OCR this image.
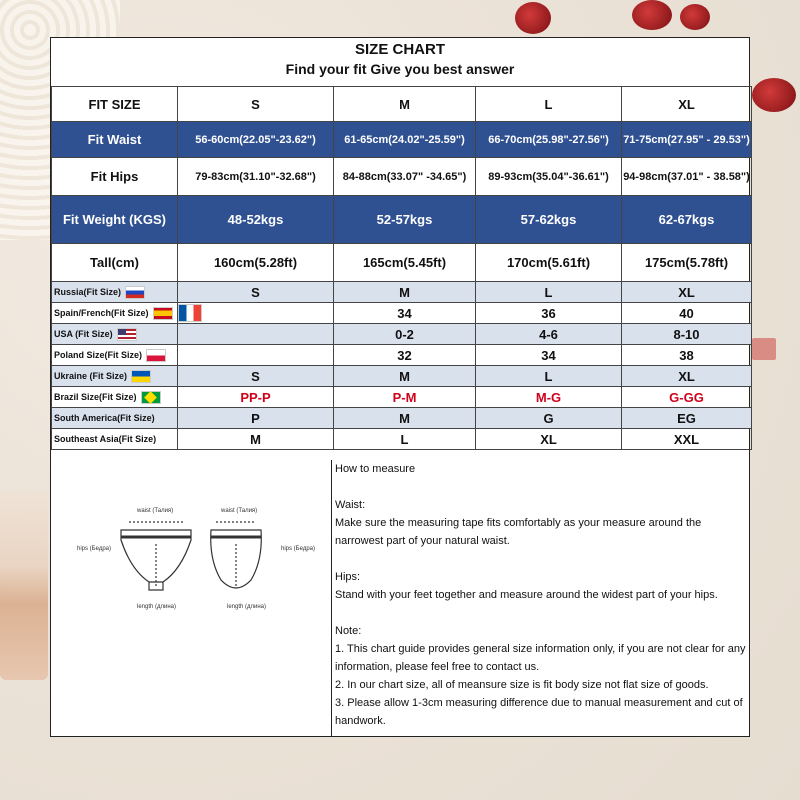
SIZE CHART
Find your fit Give you best answer
FIT SIZE	S	M	L	XL
Fit Waist	56-60cm(22.05"-23.62")	61-65cm(24.02"-25.59")	66-70cm(25.98"-27.56")	71-75cm(27.95" - 29.53")
Fit Hips	79-83cm(31.10"-32.68")	84-88cm(33.07" -34.65")	89-93cm(35.04"-36.61")	94-98cm(37.01" - 38.58")
Fit Weight (KGS)	48-52kgs	52-57kgs	57-62kgs	62-67kgs
Tall(cm)	160cm(5.28ft)	165cm(5.45ft)	170cm(5.61ft)	175cm(5.78ft)
Russia(Fit Size)	S	M	L	XL
Spain/French(Fit Size)		34	36	40
USA (Fit Size)		0-2	4-6	8-10
Poland Size(Fit Size)		32	34	38
Ukraine (Fit Size)	S	M	L	XL
Brazil Size(Fit Size)	PP-P	P-M	M-G	G-GG
South America(Fit Size)	P	M	G	EG
Southeast Asia(Fit Size)	M	L	XL	XXL
waist (Талия)
hips (Бедра)
length (длина)
waist (Талия)
hips (Бедра)
length (длина)

How to measure

Waist:

Make sure the measuring tape fits comfortably as your measure around the narrowest part of your natural waist.

Hips:

Stand with your feet together and measure around the widest part of your hips.

Note:

1. This chart guide provides general size information only, if you are not clear for any information, please feel free to contact us.

2. In our chart size, all of meansure size is fit body size not flat size of goods.

3. Please allow 1-3cm measuring difference due to manual measurement and cut of handwork.
